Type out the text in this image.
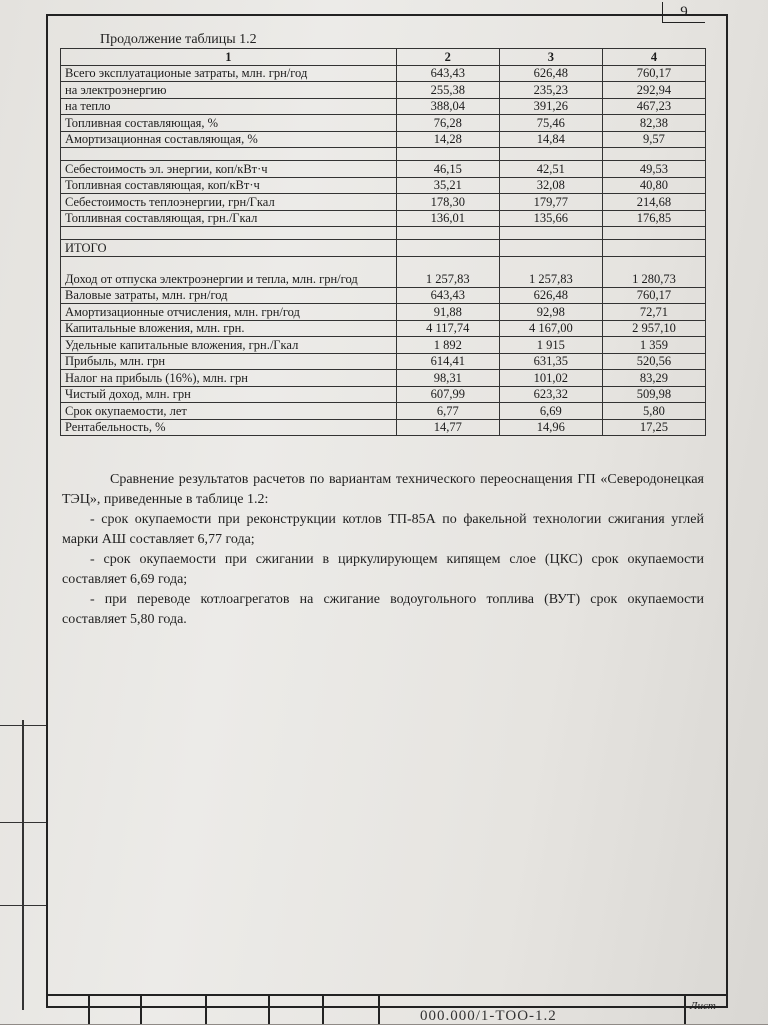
9
Продолжение таблицы 1.2
1	2	3	4
Всего эксплуатационые затраты, млн. грн/год	643,43	626,48	760,17
на электроэнергию	255,38	235,23	292,94
на тепло	388,04	391,26	467,23
Топливная составляющая, %	76,28	75,46	82,38
Амортизационная составляющая, %	14,28	14,84	9,57

Себестоимость эл. энергии, коп/кВт·ч	46,15	42,51	49,53
Топливная составляющая, коп/кВт·ч	35,21	32,08	40,80
Себестоимость теплоэнергии, грн/Гкал	178,30	179,77	214,68
Топливная составляющая, грн./Гкал	136,01	135,66	176,85

ИТОГО			
Доход от отпуска электроэнергии и тепла, млн. грн/год	1 257,83	1 257,83	1 280,73
Валовые затраты, млн. грн/год	643,43	626,48	760,17
Амортизационные отчисления, млн. грн/год	91,88	92,98	72,71
Капитальные вложения, млн. грн.	4 117,74	4 167,00	2 957,10
Удельные капитальные вложения, грн./Гкал	1 892	1 915	1 359
Прибыль, млн. грн	614,41	631,35	520,56
Налог на прибыль (16%), млн. грн	98,31	101,02	83,29
Чистый доход, млн. грн	607,99	623,32	509,98
Срок окупаемости, лет	6,77	6,69	5,80
Рентабельность, %	14,77	14,96	17,25
Сравнение результатов расчетов по вариантам технического переоснащения ГП «Северодонецкая ТЭЦ», приведенные в таблице 1.2:
- срок окупаемости при реконструкции котлов ТП-85А по факельной технологии сжигания углей марки АШ составляет 6,77 года;
- срок окупаемости при сжигании в циркулирующем кипящем слое (ЦКС) срок окупаемости составляет 6,69 года;
- при переводе котлоагрегатов на сжигание водоугольного топлива (ВУТ) срок окупаемости составляет 5,80 года.
Лист
000.000/1-ТОО-1.2
